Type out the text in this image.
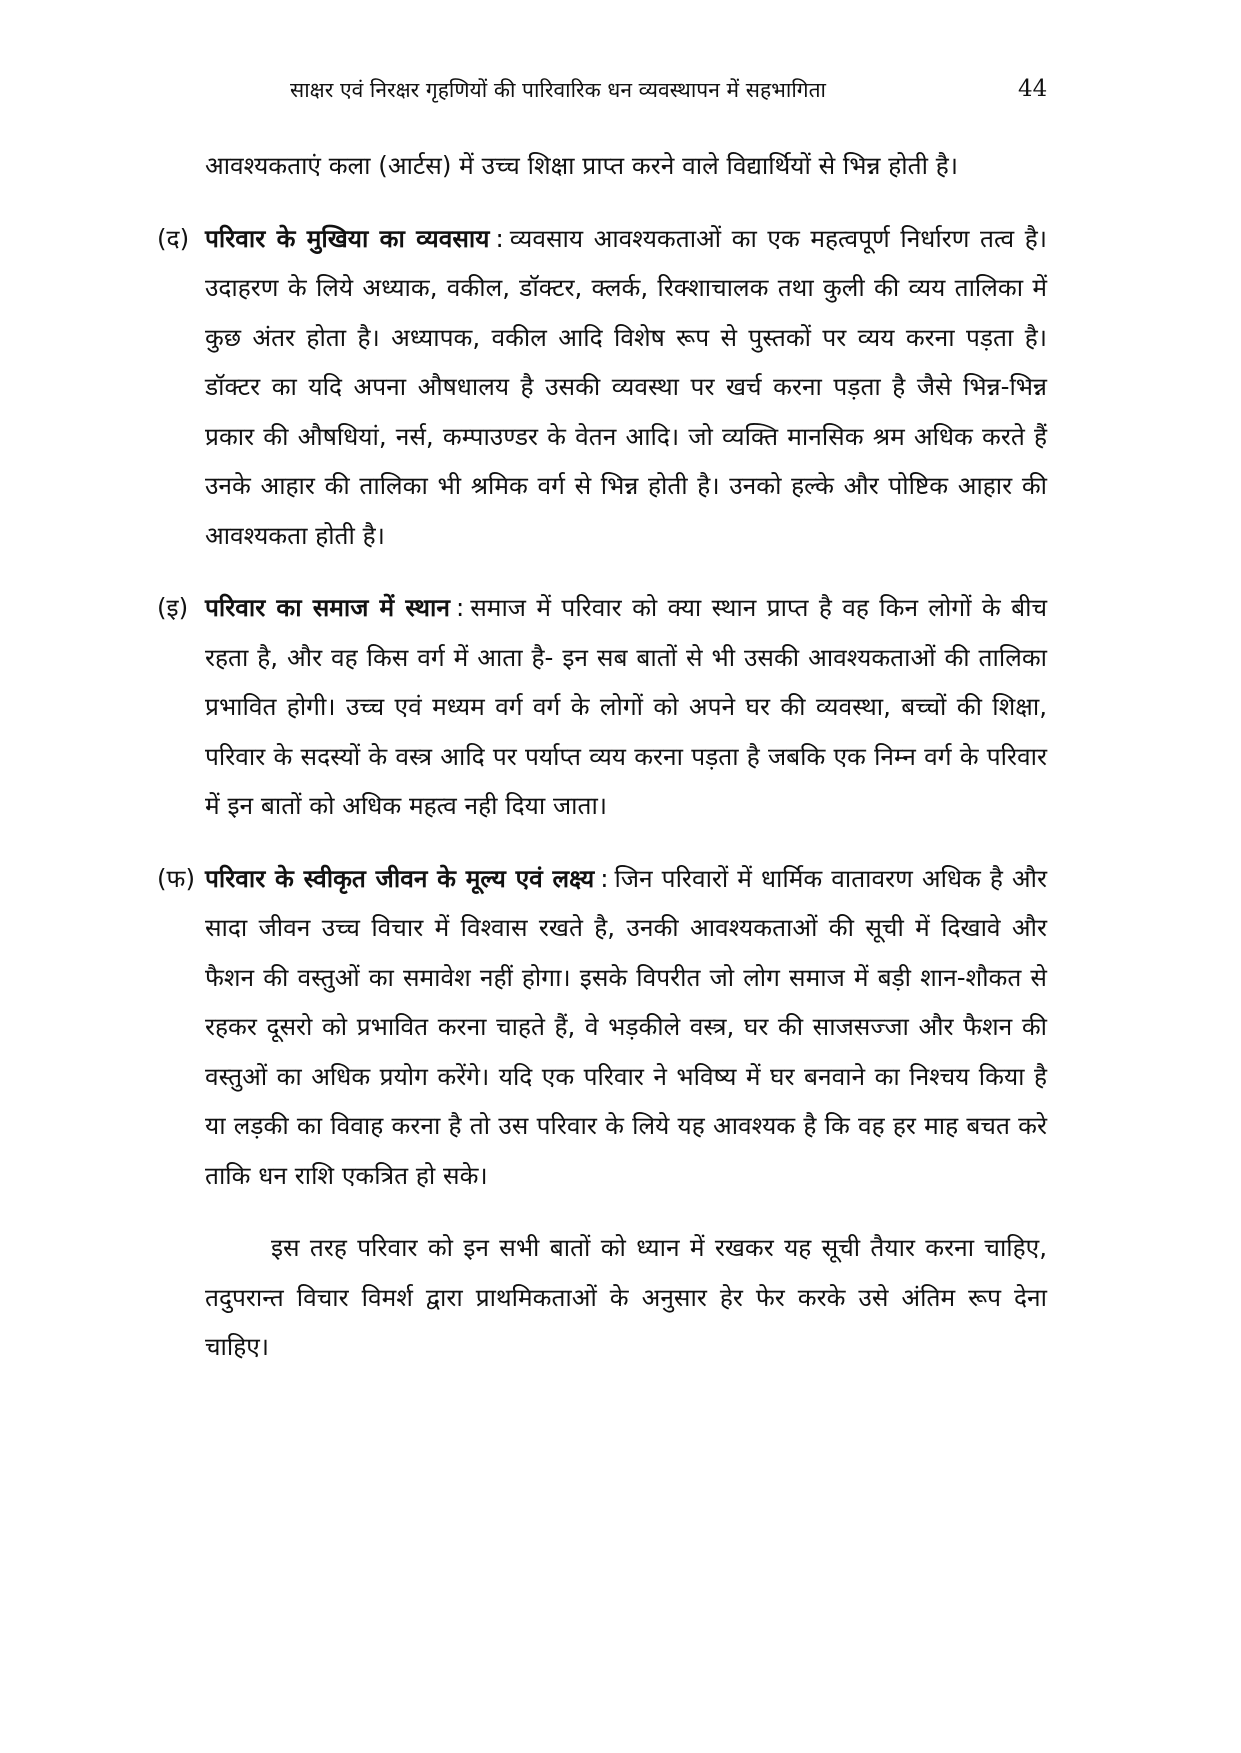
साक्षर एवं निरक्षर गृहणियों की पारिवारिक धन व्यवस्थापन में सहभागिता	44

आवश्यकताएं कला (आर्टस) में उच्च शिक्षा प्राप्त करने वाले विद्यार्थियों से भिन्न होती है।

(द) परिवार के मुखिया का व्यवसाय : व्यवसाय आवश्यकताओं का एक महत्वपूर्ण निर्धारण तत्व है। उदाहरण के लिये अध्याक, वकील, डॉक्टर, क्लर्क, रिक्शाचालक तथा कुली की व्यय तालिका में कुछ अंतर होता है। अध्यापक, वकील आदि विशेष रूप से पुस्तकों पर व्यय करना पड़ता है। डॉक्टर का यदि अपना औषधालय है उसकी व्यवस्था पर खर्च करना पड़ता है जैसे भिन्न-भिन्न प्रकार की औषधियां, नर्स, कम्पाउण्डर के वेतन आदि। जो व्यक्ति मानसिक श्रम अधिक करते हैं उनके आहार की तालिका भी श्रमिक वर्ग से भिन्न होती है। उनको हल्के और पोष्टिक आहार की आवश्यकता होती है।

(इ) परिवार का समाज में स्थान : समाज में परिवार को क्या स्थान प्राप्त है वह किन लोगों के बीच रहता है, और वह किस वर्ग में आता है- इन सब बातों से भी उसकी आवश्यकताओं की तालिका प्रभावित होगी। उच्च एवं मध्यम वर्ग वर्ग के लोगों को अपने घर की व्यवस्था, बच्चों की शिक्षा, परिवार के सदस्यों के वस्त्र आदि पर पर्याप्त व्यय करना पड़ता है जबकि एक निम्न वर्ग के परिवार में इन बातों को अधिक महत्व नही दिया जाता।

(फ) परिवार के स्वीकृत जीवन के मूल्य एवं लक्ष्य : जिन परिवारों में धार्मिक वातावरण अधिक है और सादा जीवन उच्च विचार में विश्वास रखते है, उनकी आवश्यकताओं की सूची में दिखावे और फैशन की वस्तुओं का समावेश नहीं होगा। इसके विपरीत जो लोग समाज में बड़ी शान-शौकत से रहकर दूसरो को प्रभावित करना चाहते हैं, वे भड़कीले वस्त्र, घर की साजसज्जा और फैशन की वस्तुओं का अधिक प्रयोग करेंगे। यदि एक परिवार ने भविष्य में घर बनवाने का निश्चय किया है या लड़की का विवाह करना है तो उस परिवार के लिये यह आवश्यक है कि वह हर माह बचत करे ताकि धन राशि एकत्रित हो सके।

इस तरह परिवार को इन सभी बातों को ध्यान में रखकर यह सूची तैयार करना चाहिए, तदुपरान्त विचार विमर्श द्वारा प्राथमिकताओं के अनुसार हेर फेर करके उसे अंतिम रूप देना चाहिए।
